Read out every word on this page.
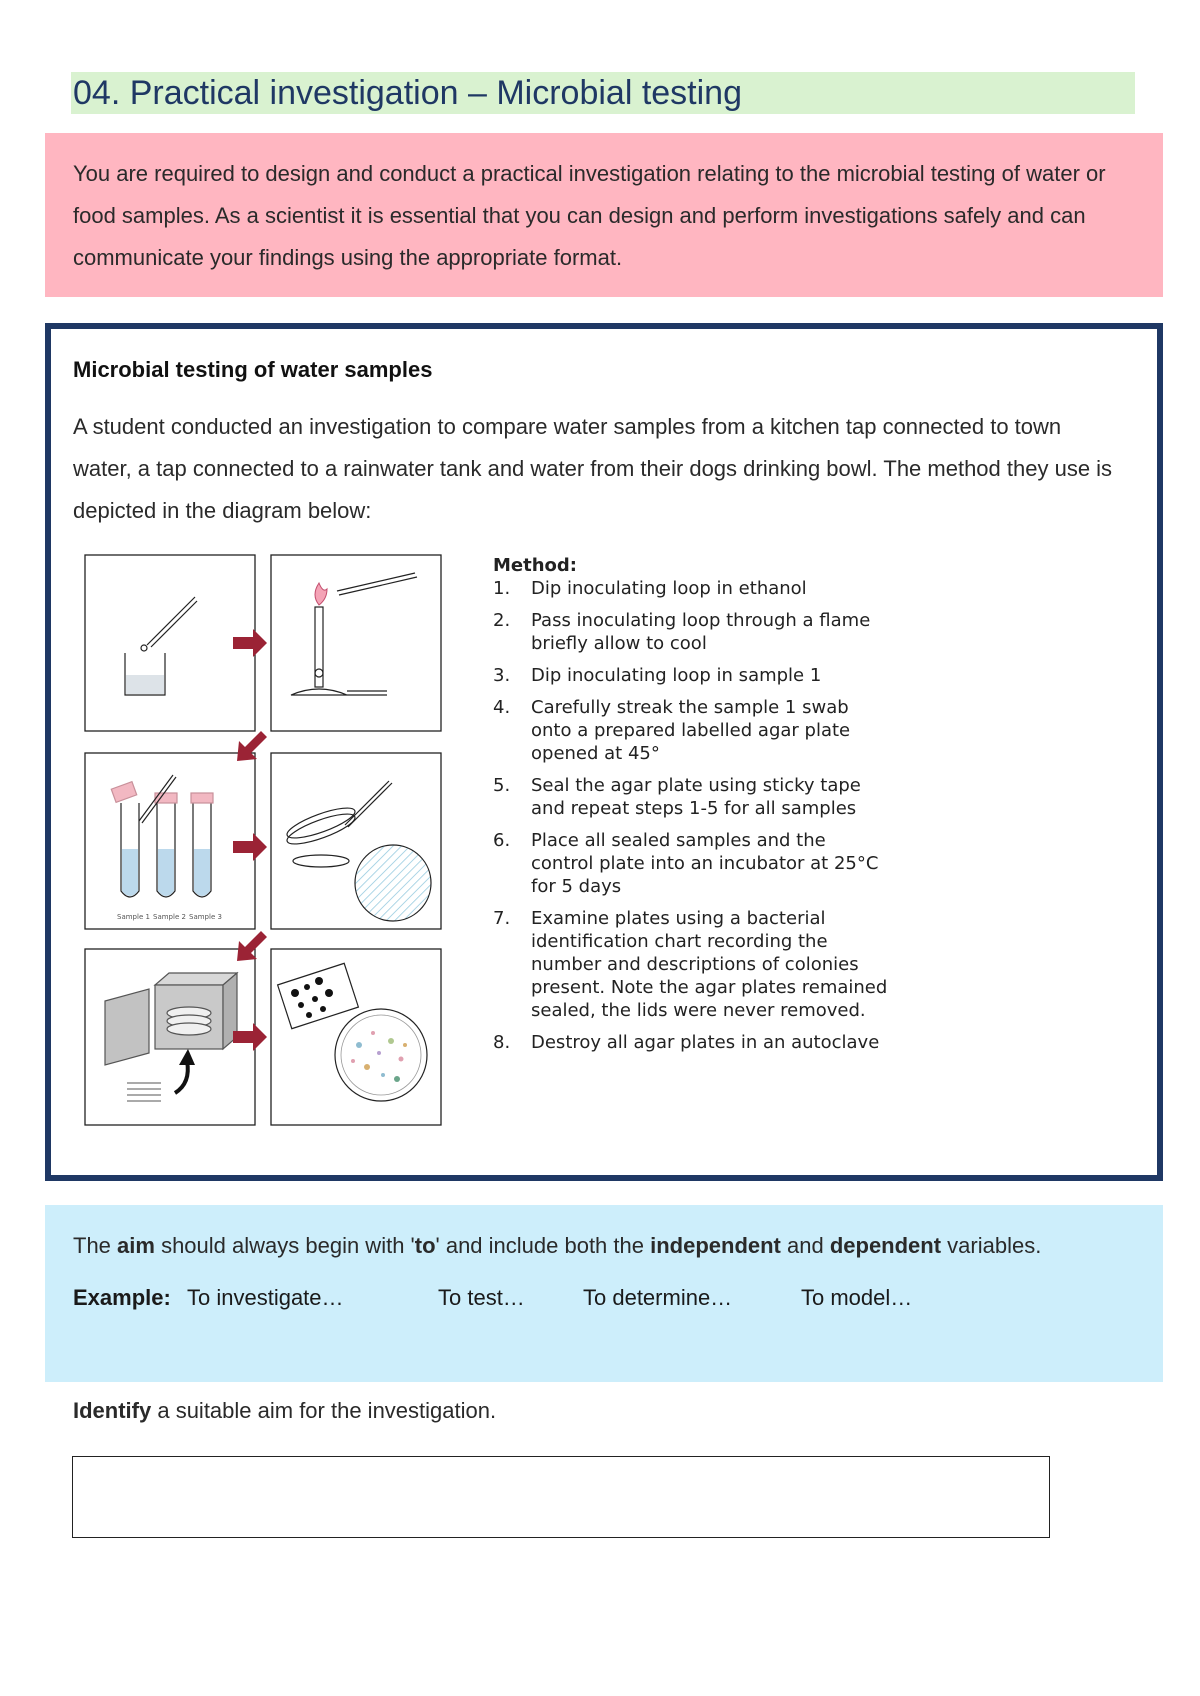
04. Practical investigation – Microbial testing

You are required to design and conduct a practical investigation relating to the microbial testing of water or food samples. As a scientist it is essential that you can design and perform investigations safely and can communicate your findings using the appropriate format.

Microbial testing of water samples
A student conducted an investigation to compare water samples from a kitchen tap connected to town water, a tap connected to a rainwater tank and water from their dogs drinking bowl. The method they use is depicted in the diagram below:
Sample 1 Sample 2 Sample 3
Method:
1.	Dip inoculating loop in ethanol
2.	Pass inoculating loop through a flame briefly allow to cool
3.	Dip inoculating loop in sample 1
4.	Carefully streak the sample 1 swab onto a prepared labelled agar plate opened at 45°
5.	Seal the agar plate using sticky tape and repeat steps 1-5 for all samples
6.	Place all sealed samples and the control plate into an incubator at 25°C for 5 days
7.	Examine plates using a bacterial identification chart recording the number and descriptions of colonies present. Note the agar plates remained sealed, the lids were never removed.
8.	Destroy all agar plates in an autoclave

The aim should always begin with 'to' and include both the independent and dependent variables.

Example: To investigate…	To test…	To determine…	To model…
Identify a suitable aim for the investigation.
